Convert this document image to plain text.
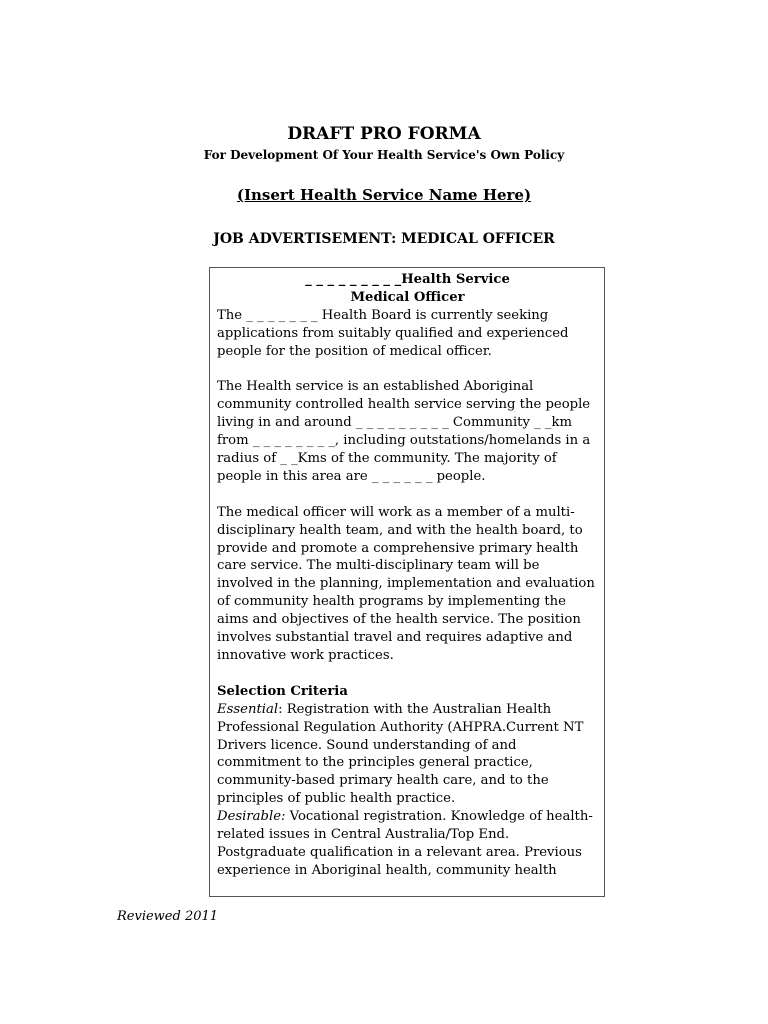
DRAFT PRO FORMA
For Development Of Your Health Service's Own Policy
(Insert Health Service Name Here)
JOB ADVERTISEMENT: MEDICAL OFFICER

_ _ _ _ _ _ _ _ _Health Service

Medical Officer

The _ _ _ _ _ _ _ Health Board is currently seeking applications from suitably qualified and experienced people for the position of medical officer.

The Health service is an established Aboriginal community controlled health service serving the people living in and around _ _ _ _ _ _ _ _ _ Community _ _km from _ _ _ _ _ _ _ _, including outstations/homelands in a radius of _ _Kms of the community. The majority of people in this area are _ _ _ _ _ _ people.

The medical officer will work as a member of a multi-disciplinary health team, and with the health board, to provide and promote a comprehensive primary health care service. The multi-disciplinary team will be involved in the planning, implementation and evaluation of community health programs by implementing the aims and objectives of the health service. The position involves substantial travel and requires adaptive and innovative work practices.

Selection Criteria

Essential: Registration with the Australian Health Professional Regulation Authority (AHPRA.Current NT Drivers licence. Sound understanding of and commitment to the principles general practice, community-based primary health care, and to the principles of public health practice.

Desirable: Vocational registration. Knowledge of health-related issues in Central Australia/Top End. Postgraduate qualification in a relevant area. Previous experience in Aboriginal health, community health

Reviewed 2011
